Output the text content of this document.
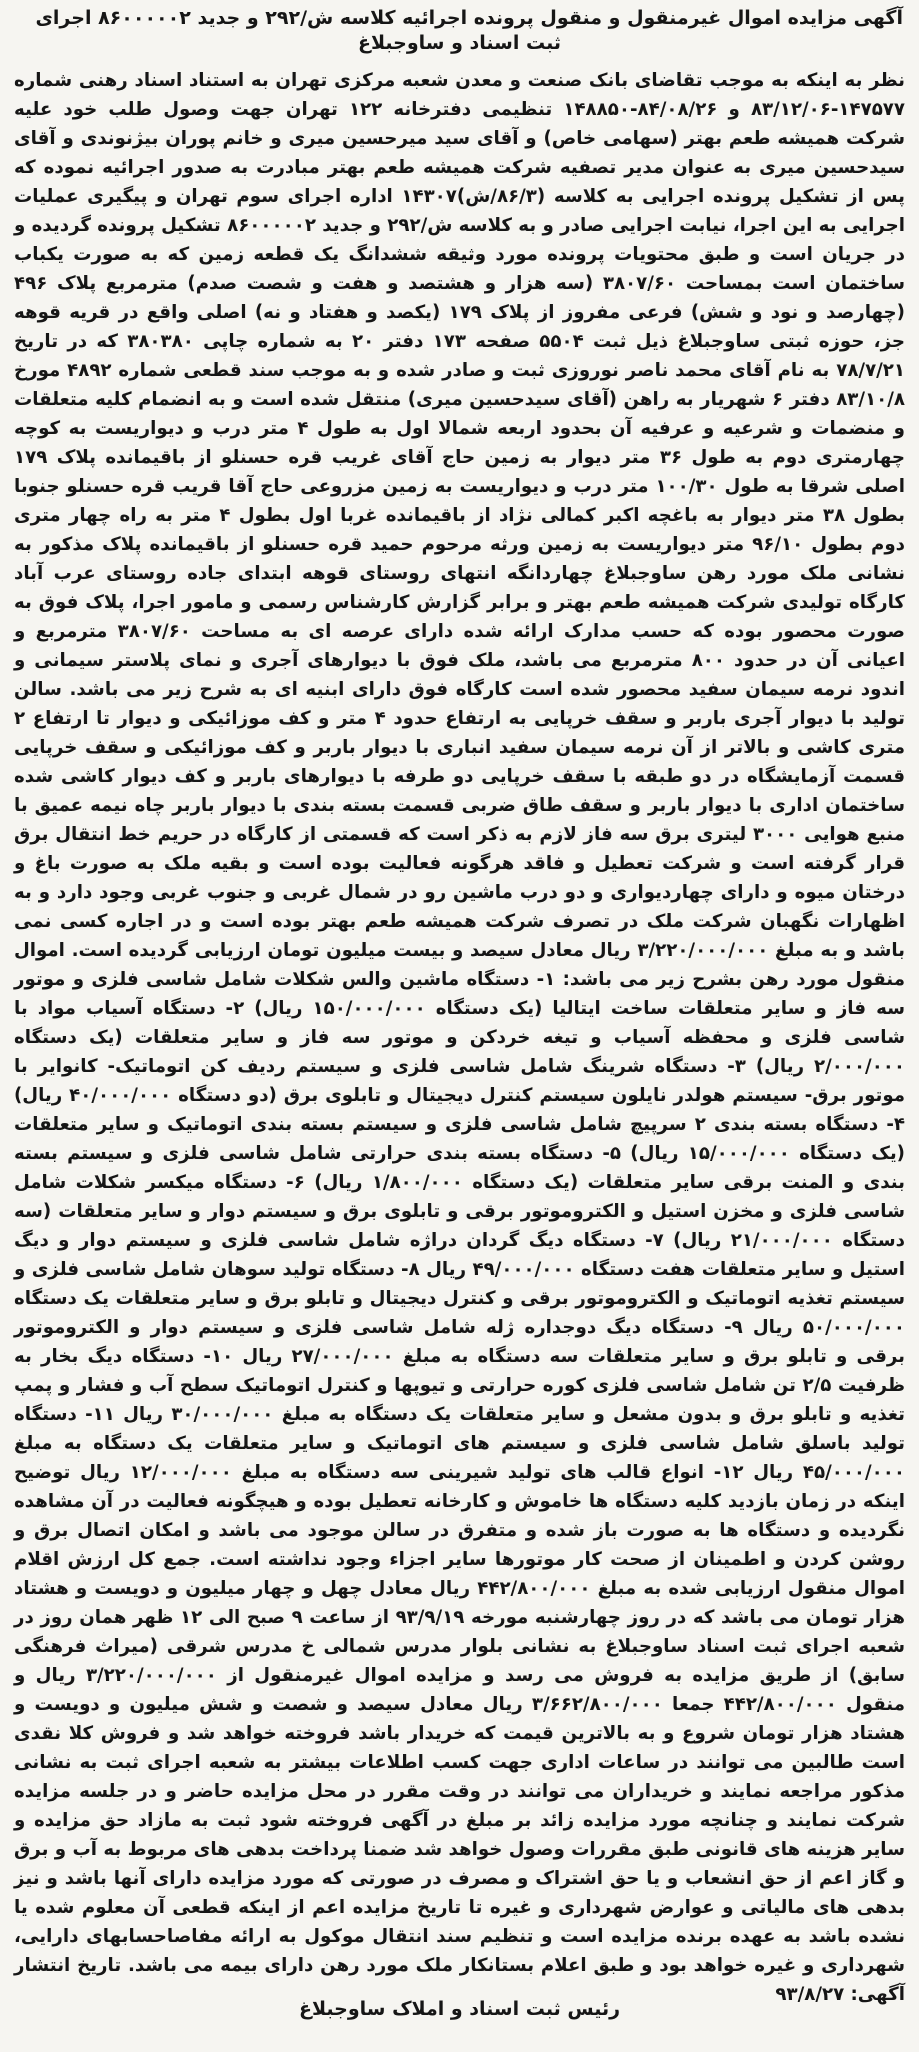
آگهی مزایده اموال غیرمنقول و منقول پرونده اجرائیه کلاسه ش/۲۹۲ و جدید ۸۶۰۰۰۰۰۲ اجرای ثبت اسناد و ساوجبلاغ
نظر به اینکه به موجب تقاضای بانک صنعت و معدن شعبه مرکزی تهران به استناد اسناد رهنی شماره ۱۴۷۵۷۷-۸۳/۱۲/۰۶ و ۸۴/۰۸/۲۶-۱۴۸۸۵۰ تنظیمی دفترخانه ۱۲۲ تهران جهت وصول طلب خود علیه شرکت همیشه طعم بهتر (سهامی خاص) و آقای سید میرحسین میری و خانم پوران بیژنوندی و آقای سیدحسین میری به عنوان مدیر تصفیه شرکت همیشه طعم بهتر مبادرت به صدور اجرائیه نموده که پس از تشکیل پرونده اجرایی به کلاسه (۸۶/۳/ش)۱۴۳۰۷ اداره اجرای سوم تهران و پیگیری عملیات اجرایی به این اجرا، نیابت اجرایی صادر و به کلاسه ش/۲۹۲ و جدید ۸۶۰۰۰۰۰۲ تشکیل پرونده گردیده و در جریان است و طبق محتویات پرونده مورد وثیقه ششدانگ یک قطعه زمین که به صورت یکباب ساختمان است بمساحت ۳۸۰۷/۶۰ (سه هزار و هشتصد و هفت و شصت صدم) مترمربع پلاک ۴۹۶ (چهارصد و نود و شش) فرعی مفروز از پلاک ۱۷۹ (یکصد و هفتاد و نه) اصلی واقع در قریه قوهه جز، حوزه ثبتی ساوجبلاغ ذیل ثبت ۵۵۰۴ صفحه ۱۷۳ دفتر ۲۰ به شماره چاپی ۳۸۰۳۸۰ که در تاریخ ۷۸/۷/۲۱ به نام آقای محمد ناصر نوروزی ثبت و صادر شده و به موجب سند قطعی شماره ۴۸۹۲ مورخ ۸۳/۱۰/۸ دفتر ۶ شهریار به راهن (آقای سیدحسین میری) منتقل شده است و به انضمام کلیه متعلقات و منضمات و شرعیه و عرفیه آن بحدود اربعه شمالا اول به طول ۴ متر درب و دیواریست به کوچه چهارمتری دوم به طول ۳۶ متر دیوار به زمین حاج آقای غریب قره حسنلو از باقیمانده پلاک ۱۷۹ اصلی شرقا به طول ۱۰۰/۳۰ متر درب و دیواریست به زمین مزروعی حاج آقا قریب قره حسنلو جنوبا بطول ۳۸ متر دیوار به باغچه اکبر کمالی نژاد از باقیمانده غربا اول بطول ۴ متر به راه چهار متری دوم بطول ۹۶/۱۰ متر دیواریست به زمین ورثه مرحوم حمید قره حسنلو از باقیمانده پلاک مذکور به نشانی ملک مورد رهن ساوجبلاغ چهاردانگه انتهای روستای قوهه ابتدای جاده روستای عرب آباد کارگاه تولیدی شرکت همیشه طعم بهتر و برابر گزارش کارشناس رسمی و مامور اجرا، پلاک فوق به صورت محصور بوده که حسب مدارک ارائه شده دارای عرصه ای به مساحت ۳۸۰۷/۶۰ مترمربع و اعیانی آن در حدود ۸۰۰ مترمربع می باشد، ملک فوق با دیوارهای آجری و نمای پلاستر سیمانی و اندود نرمه سیمان سفید محصور شده است کارگاه فوق دارای ابنیه ای به شرح زیر می باشد. سالن تولید با دیوار آجری باربر و سقف خرپایی به ارتفاع حدود ۴ متر و کف موزائیکی و دیوار تا ارتفاع ۲ متری کاشی و بالاتر از آن نرمه سیمان سفید انباری با دیوار باربر و کف موزائیکی و سقف خرپایی قسمت آزمایشگاه در دو طبقه با سقف خرپایی دو طرفه با دیوارهای باربر و کف دیوار کاشی شده ساختمان اداری با دیوار باربر و سقف طاق ضربی قسمت بسته بندی با دیوار باربر چاه نیمه عمیق با منبع هوایی ۳۰۰۰ لیتری برق سه فاز لازم به ذکر است که قسمتی از کارگاه در حریم خط انتقال برق قرار گرفته است و شرکت تعطیل و فاقد هرگونه فعالیت بوده است و بقیه ملک به صورت باغ و درختان میوه و دارای چهاردیواری و دو درب ماشین رو در شمال غربی و جنوب غربی وجود دارد و به اظهارات نگهبان شرکت ملک در تصرف شرکت همیشه طعم بهتر بوده است و در اجاره کسی نمی باشد و به مبلغ ۳/۲۲۰/۰۰۰/۰۰۰ ریال معادل سیصد و بیست میلیون تومان ارزیابی گردیده است. اموال منقول مورد رهن بشرح زیر می باشد: ۱- دستگاه ماشین والس شکلات شامل شاسی فلزی و موتور سه فاز و سایر متعلقات ساخت ایتالیا (یک دستگاه ۱۵۰/۰۰۰/۰۰۰ ریال) ۲- دستگاه آسیاب مواد با شاسی فلزی و محفظه آسیاب و تیغه خردکن و موتور سه فاز و سایر متعلقات (یک دستگاه ۲/۰۰۰/۰۰۰ ریال) ۳- دستگاه شرینگ شامل شاسی فلزی و سیستم ردیف کن اتوماتیک- کانوایر با موتور برق- سیستم هولدر نایلون سیستم کنترل دیجیتال و تابلوی برق (دو دستگاه ۴۰/۰۰۰/۰۰۰ ریال) ۴- دستگاه بسته بندی ۲ سرپیچ شامل شاسی فلزی و سیستم بسته بندی اتوماتیک و سایر متعلقات (یک دستگاه ۱۵/۰۰۰/۰۰۰ ریال) ۵- دستگاه بسته بندی حرارتی شامل شاسی فلزی و سیستم بسته بندی و المنت برقی سایر متعلقات (یک دستگاه ۱/۸۰۰/۰۰۰ ریال) ۶- دستگاه میکسر شکلات شامل شاسی فلزی و مخزن استیل و الکتروموتور برقی و تابلوی برق و سیستم دوار و سایر متعلقات (سه دستگاه ۲۱/۰۰۰/۰۰۰ ریال) ۷- دستگاه دیگ گردان دراژه شامل شاسی فلزی و سیستم دوار و دیگ استیل و سایر متعلقات هفت دستگاه ۴۹/۰۰۰/۰۰۰ ریال ۸- دستگاه تولید سوهان شامل شاسی فلزی و سیستم تغذیه اتوماتیک و الکتروموتور برقی و کنترل دیجیتال و تابلو برق و سایر متعلقات یک دستگاه ۵۰/۰۰۰/۰۰۰ ریال ۹- دستگاه دیگ دوجداره ژله شامل شاسی فلزی و سیستم دوار و الکتروموتور برقی و تابلو برق و سایر متعلقات سه دستگاه به مبلغ ۲۷/۰۰۰/۰۰۰ ریال ۱۰- دستگاه دیگ بخار به ظرفیت ۲/۵ تن شامل شاسی فلزی کوره حرارتی و تیوپها و کنترل اتوماتیک سطح آب و فشار و پمپ تغذیه و تابلو برق و بدون مشعل و سایر متعلقات یک دستگاه به مبلغ ۳۰/۰۰۰/۰۰۰ ریال ۱۱- دستگاه تولید باسلق شامل شاسی فلزی و سیستم های اتوماتیک و سایر متعلقات یک دستگاه به مبلغ ۴۵/۰۰۰/۰۰۰ ریال ۱۲- انواع قالب های تولید شیرینی سه دستگاه به مبلغ ۱۲/۰۰۰/۰۰۰ ریال توضیح اینکه در زمان بازدید کلیه دستگاه ها خاموش و کارخانه تعطیل بوده و هیچگونه فعالیت در آن مشاهده نگردیده و دستگاه ها به صورت باز شده و متفرق در سالن موجود می باشد و امکان اتصال برق و روشن کردن و اطمینان از صحت کار موتورها سایر اجزاء وجود نداشته است. جمع کل ارزش اقلام اموال منقول ارزیابی شده به مبلغ ۴۴۲/۸۰۰/۰۰۰ ریال معادل چهل و چهار میلیون و دویست و هشتاد هزار تومان می باشد که در روز چهارشنبه مورخه ۹۳/۹/۱۹ از ساعت ۹ صبح الی ۱۲ ظهر همان روز در شعبه اجرای ثبت اسناد ساوجبلاغ به نشانی بلوار مدرس شمالی خ مدرس شرقی (میراث فرهنگی سابق) از طریق مزایده به فروش می رسد و مزایده اموال غیرمنقول از ۳/۲۲۰/۰۰۰/۰۰۰ ریال و منقول ۴۴۲/۸۰۰/۰۰۰ جمعا ۳/۶۶۲/۸۰۰/۰۰۰ ریال معادل سیصد و شصت و شش میلیون و دویست و هشتاد هزار تومان شروع و به بالاترین قیمت که خریدار باشد فروخته خواهد شد و فروش کلا نقدی است طالبین می توانند در ساعات اداری جهت کسب اطلاعات بیشتر به شعبه اجرای ثبت به نشانی مذکور مراجعه نمایند و خریداران می توانند در وقت مقرر در محل مزایده حاضر و در جلسه مزایده شرکت نمایند و چنانچه مورد مزایده زائد بر مبلغ در آگهی فروخته شود ثبت به مازاد حق مزایده و سایر هزینه های قانونی طبق مقررات وصول خواهد شد ضمنا پرداخت بدهی های مربوط به آب و برق و گاز اعم از حق انشعاب و یا حق اشتراک و مصرف در صورتی که مورد مزایده دارای آنها باشد و نیز بدهی های مالیاتی و عوارض شهرداری و غیره تا تاریخ مزایده اعم از اینکه قطعی آن معلوم شده یا نشده باشد به عهده برنده مزایده است و تنظیم سند انتقال موکول به ارائه مفاصاحسابهای دارایی، شهرداری و غیره خواهد بود و طبق اعلام بستانکار ملک مورد رهن دارای بیمه می باشد. تاریخ انتشار آگهی: ۹۳/۸/۲۷
رئیس ثبت اسناد و املاک ساوجبلاغ
